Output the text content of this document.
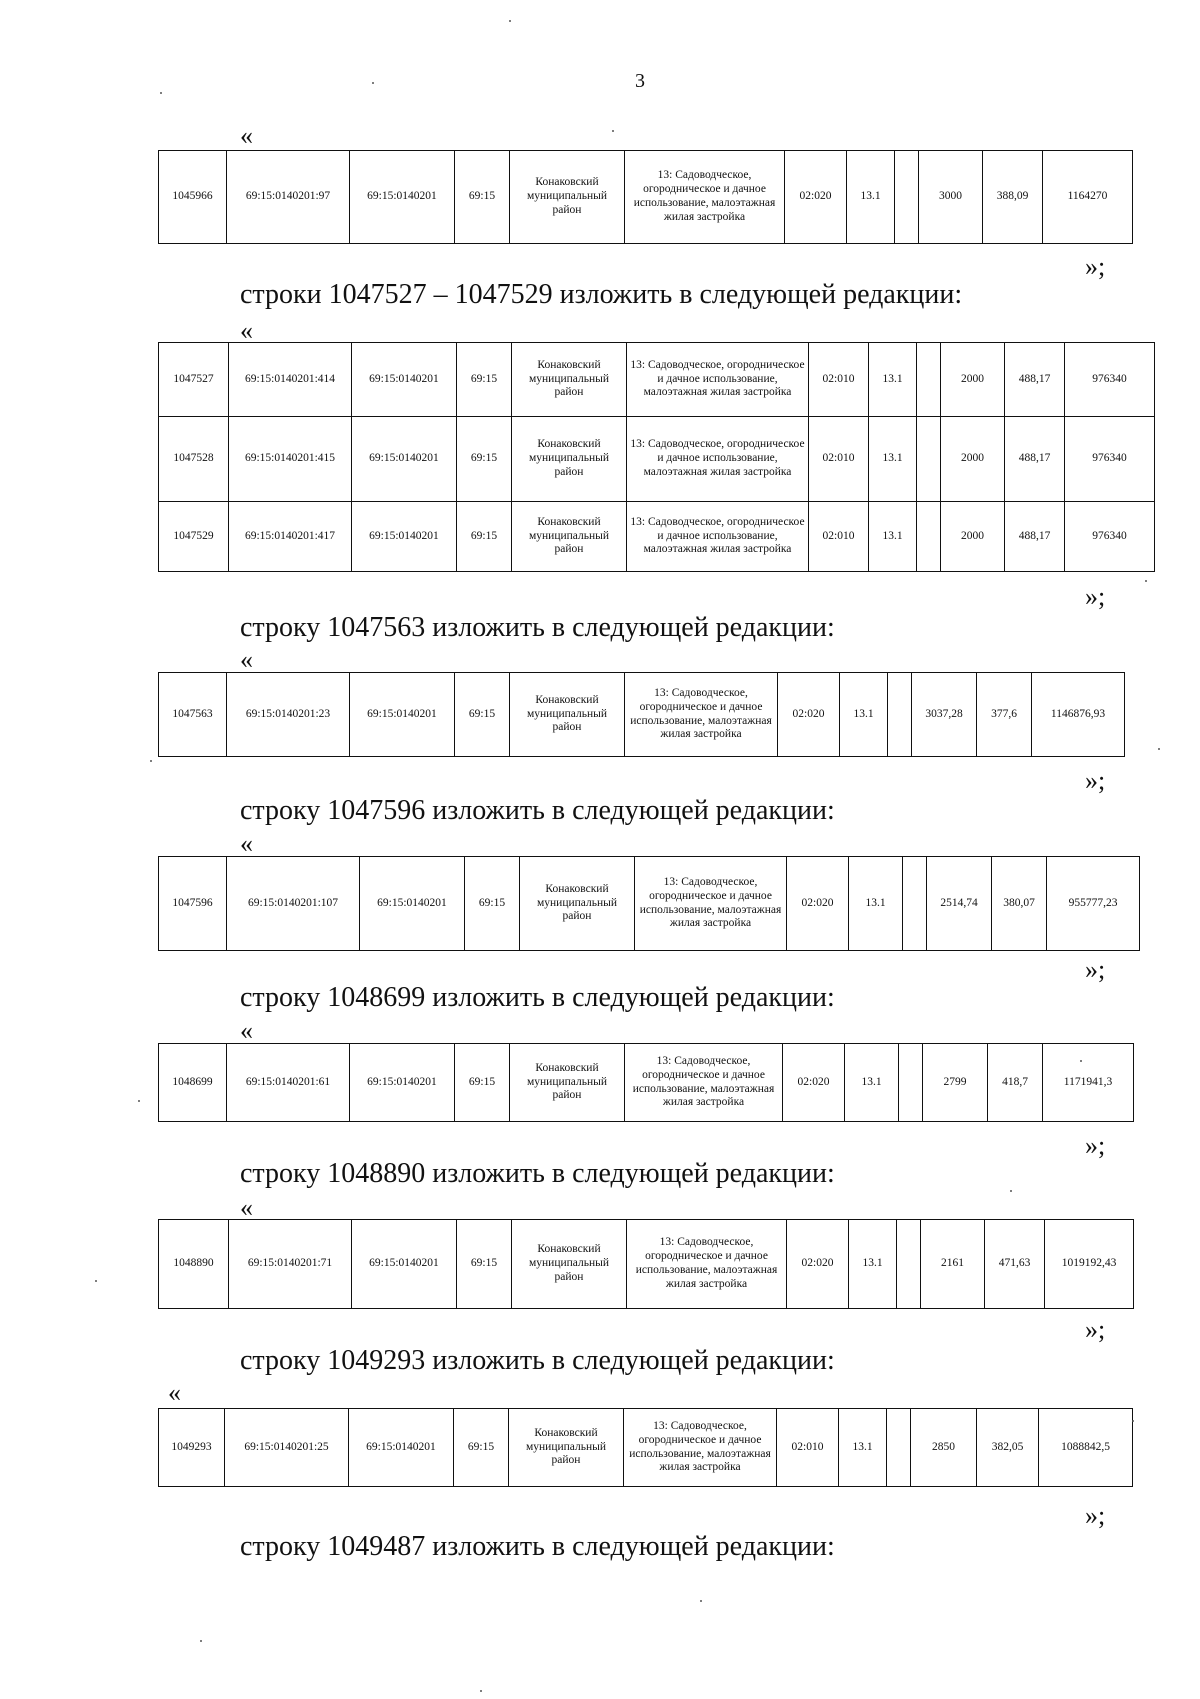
3
«
1045966	69:15:0140201:97	69:15:0140201	69:15	Конаковский муниципальный район	13: Садоводческое, огородническое и дачное использование, малоэтажная жилая застройка	02:020	13.1		3000	388,09	1164270
»;
строки 1047527 – 1047529 изложить в следующей редакции:
«
1047527	69:15:0140201:414	69:15:0140201	69:15	Конаковский муниципальный район	13: Садоводческое, огородническое и дачное использование, малоэтажная жилая застройка	02:010	13.1		2000	488,17	976340
1047528	69:15:0140201:415	69:15:0140201	69:15	Конаковский муниципальный район	13: Садоводческое, огородническое и дачное использование, малоэтажная жилая застройка	02:010	13.1		2000	488,17	976340
1047529	69:15:0140201:417	69:15:0140201	69:15	Конаковский муниципальный район	13: Садоводческое, огородническое и дачное использование, малоэтажная жилая застройка	02:010	13.1		2000	488,17	976340
»;
строку 1047563 изложить в следующей редакции:
«
1047563	69:15:0140201:23	69:15:0140201	69:15	Конаковский муниципальный район	13: Садоводческое, огородническое и дачное использование, малоэтажная жилая застройка	02:020	13.1		3037,28	377,6	1146876,93
»;
строку 1047596 изложить в следующей редакции:
«
1047596	69:15:0140201:107	69:15:0140201	69:15	Конаковский муниципальный район	13: Садоводческое, огородническое и дачное использование, малоэтажная жилая застройка	02:020	13.1		2514,74	380,07	955777,23
»;
строку 1048699 изложить в следующей редакции:
«
1048699	69:15:0140201:61	69:15:0140201	69:15	Конаковский муниципальный район	13: Садоводческое, огородническое и дачное использование, малоэтажная жилая застройка	02:020	13.1		2799	418,7	1171941,3
»;
строку 1048890 изложить в следующей редакции:
«
1048890	69:15:0140201:71	69:15:0140201	69:15	Конаковский муниципальный район	13: Садоводческое, огородническое и дачное использование, малоэтажная жилая застройка	02:020	13.1		2161	471,63	1019192,43
»;
строку 1049293 изложить в следующей редакции:
«
1049293	69:15:0140201:25	69:15:0140201	69:15	Конаковский муниципальный район	13: Садоводческое, огородническое и дачное использование, малоэтажная жилая застройка	02:010	13.1		2850	382,05	1088842,5
»;
строку 1049487 изложить в следующей редакции:
